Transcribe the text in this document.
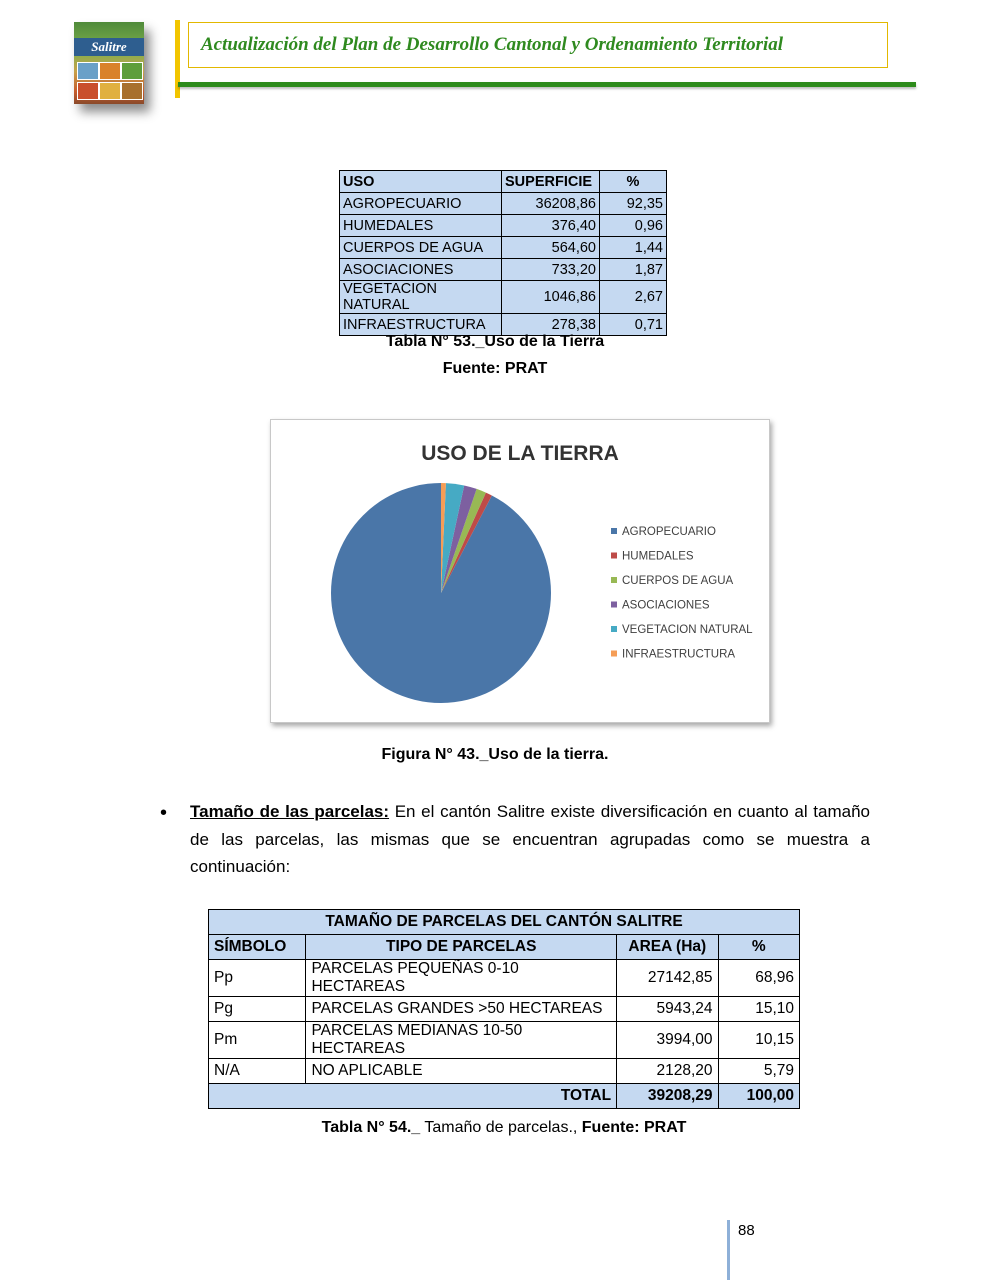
Salitre	Actualización del Plan de Desarrollo Cantonal y Ordenamiento Territorial
USO	SUPERFICIE	%
AGROPECUARIO	36208,86	92,35
HUMEDALES	376,40	0,96
CUERPOS DE AGUA	564,60	1,44
ASOCIACIONES	733,20	1,87
VEGETACION NATURAL	1046,86	2,67
INFRAESTRUCTURA	278,38	0,71
Tabla N° 53._Uso de la Tierra
Fuente: PRAT
USO DE LA TIERRA
AGROPECUARIO
HUMEDALES
CUERPOS DE AGUA
ASOCIACIONES
VEGETACION NATURAL
INFRAESTRUCTURA
Figura N° 43._Uso de la tierra.
• Tamaño de las parcelas: En el cantón Salitre existe diversificación en cuanto al tamaño de las parcelas, las mismas que se encuentran agrupadas como se muestra a continuación:
TAMAÑO DE PARCELAS DEL CANTÓN SALITRE			
SÍMBOLO	TIPO DE PARCELAS	AREA (Ha)	%
Pp	PARCELAS PEQUEÑAS 0-10 HECTAREAS	27142,85	68,96
Pg	PARCELAS GRANDES >50 HECTAREAS	5943,24	15,10
Pm	PARCELAS MEDIANAS 10-50 HECTAREAS	3994,00	10,15
N/A	NO APLICABLE	2128,20	5,79
TOTAL		39208,29	100,00
Tabla N° 54._ Tamaño de parcelas., Fuente: PRAT
88
